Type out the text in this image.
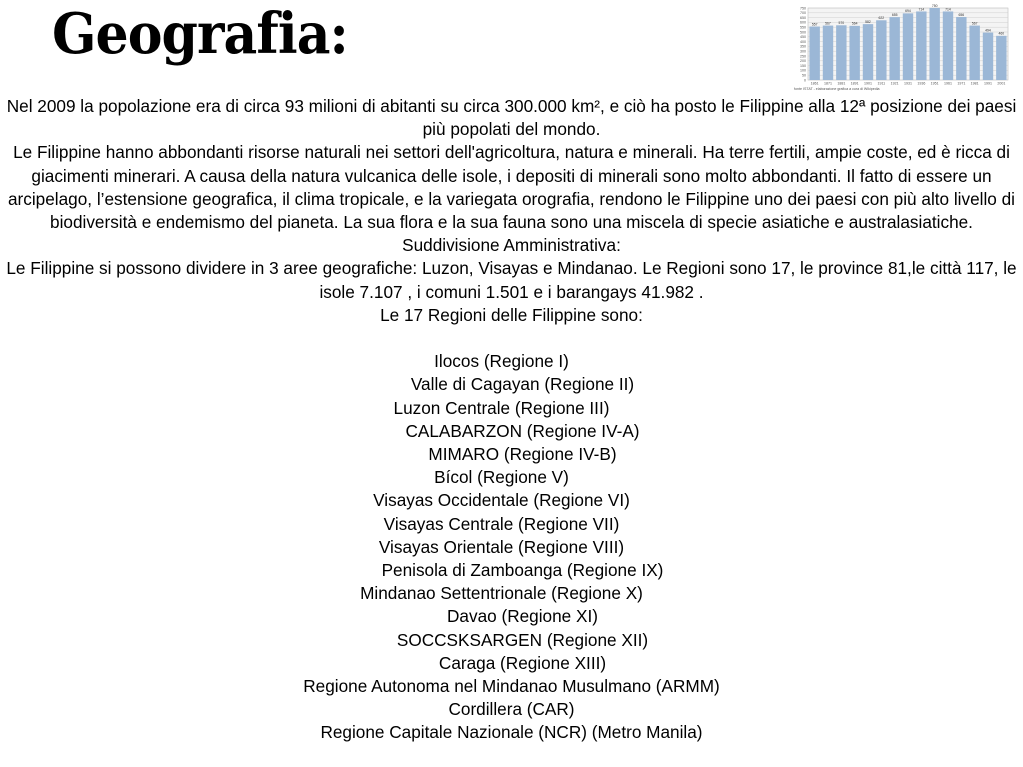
Geografia:
0
50
100
150
200
250
300
350
400
450
500
550
600
650
700
750
557
1861
567
1871
570
1881
564
1891
582
1901
622
1911
655
1921
694
1931
714
1936
750
1951
714
1961
656
1971
567
1981
494
1991
460
2001
fonte ISTAT - elaborazione grafica a cura di Wikipedia

Nel 2009 la popolazione era di circa 93 milioni di abitanti su circa 300.000 km², e ciò ha posto le Filippine alla 12ª posizione dei paesi più popolati del mondo.

Le Filippine hanno abbondanti risorse naturali nei settori dell'agricoltura, natura e minerali. Ha terre fertili, ampie coste, ed è ricca di giacimenti minerari. A causa della natura vulcanica delle isole, i depositi di minerali sono molto abbondanti. Il fatto di essere un arcipelago, l’estensione geografica, il clima tropicale, e la variegata orografia, rendono le Filippine uno dei paesi con più alto livello di biodiversità e endemismo del pianeta. La sua flora e la sua fauna sono una miscela di specie asiatiche e australasiatiche.

Suddivisione Amministrativa:

Le Filippine si possono dividere in 3 aree geografiche: Luzon, Visayas e Mindanao. Le Regioni sono 17, le province 81,le città 117, le isole 7.107 , i comuni 1.501 e i barangays 41.982 .

Le 17 Regioni delle Filippine sono:

Ilocos (Regione I)

Valle di Cagayan (Regione II)

Luzon Centrale (Regione III)

CALABARZON (Regione IV-A)

MIMARO (Regione IV-B)

Bícol (Regione V)

Visayas Occidentale (Regione VI)

Visayas Centrale (Regione VII)

Visayas Orientale (Regione VIII)

Penisola di Zamboanga (Regione IX)

Mindanao Settentrionale (Regione X)

Davao (Regione XI)

SOCCSKSARGEN (Regione XII)

Caraga (Regione XIII)

Regione Autonoma nel Mindanao Musulmano (ARMM)

Cordillera (CAR)

Regione Capitale Nazionale (NCR) (Metro Manila)
